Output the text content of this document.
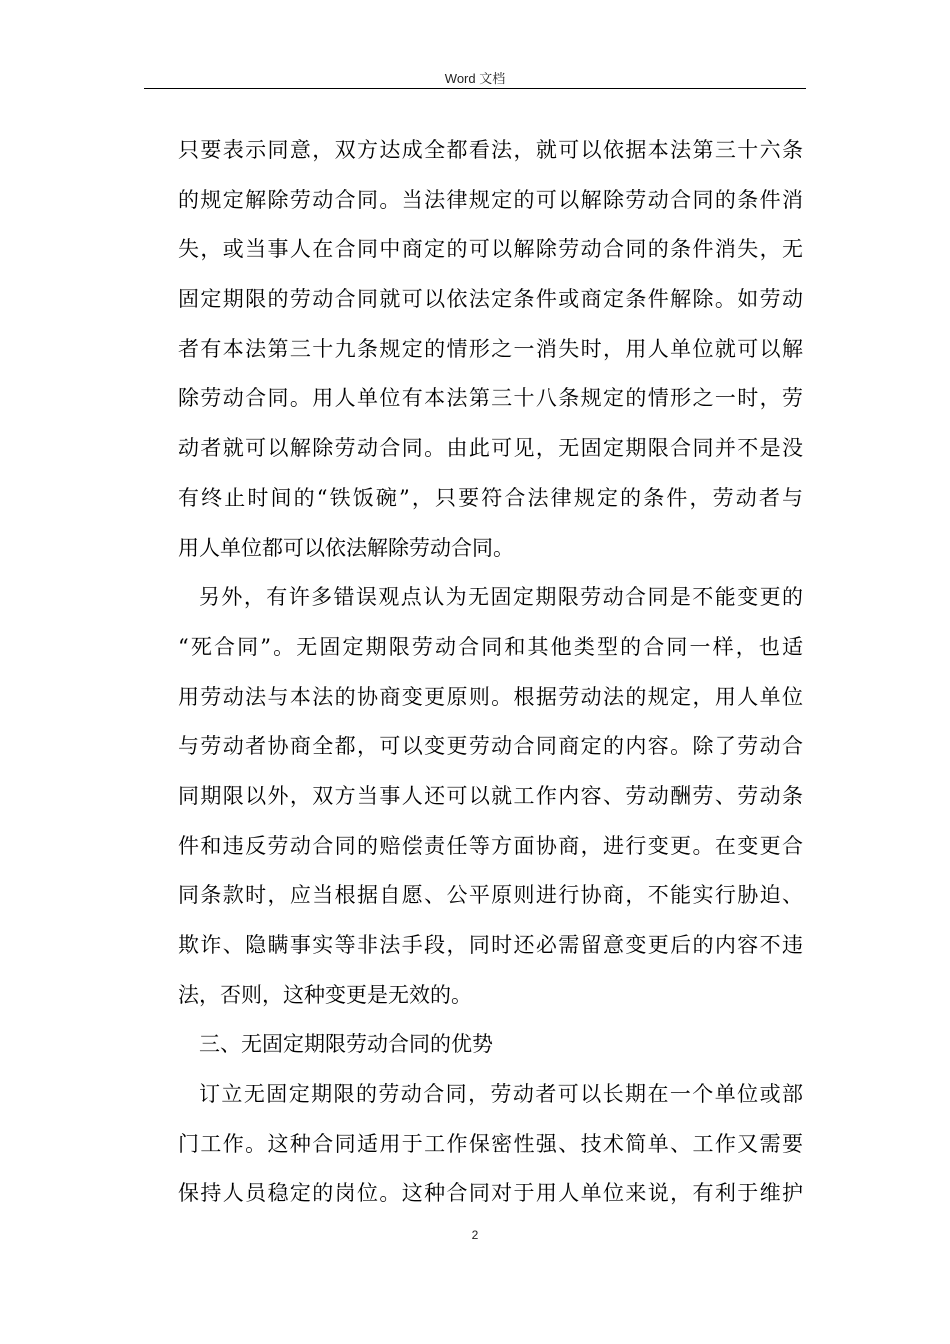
Word 文档
只要表示同意，双方达成全都看法，就可以依据本法第三十六条
的规定解除劳动合同。当法律规定的可以解除劳动合同的条件消
失，或当事人在合同中商定的可以解除劳动合同的条件消失，无
固定期限的劳动合同就可以依法定条件或商定条件解除。如劳动
者有本法第三十九条规定的情形之一消失时，用人单位就可以解
除劳动合同。用人单位有本法第三十八条规定的情形之一时，劳
动者就可以解除劳动合同。由此可见，无固定期限合同并不是没
有终止时间的“铁饭碗”，只要符合法律规定的条件，劳动者与
用人单位都可以依法解除劳动合同。
另外，有许多错误观点认为无固定期限劳动合同是不能变更的
“死合同”。无固定期限劳动合同和其他类型的合同一样，也适
用劳动法与本法的协商变更原则。根据劳动法的规定，用人单位
与劳动者协商全都，可以变更劳动合同商定的内容。除了劳动合
同期限以外，双方当事人还可以就工作内容、劳动酬劳、劳动条
件和违反劳动合同的赔偿责任等方面协商，进行变更。在变更合
同条款时，应当根据自愿、公平原则进行协商，不能实行胁迫、
欺诈、隐瞒事实等非法手段，同时还必需留意变更后的内容不违
法，否则，这种变更是无效的。
三、无固定期限劳动合同的优势
订立无固定期限的劳动合同，劳动者可以长期在一个单位或部
门工作。这种合同适用于工作保密性强、技术简单、工作又需要
保持人员稳定的岗位。这种合同对于用人单位来说，有利于维护
2
